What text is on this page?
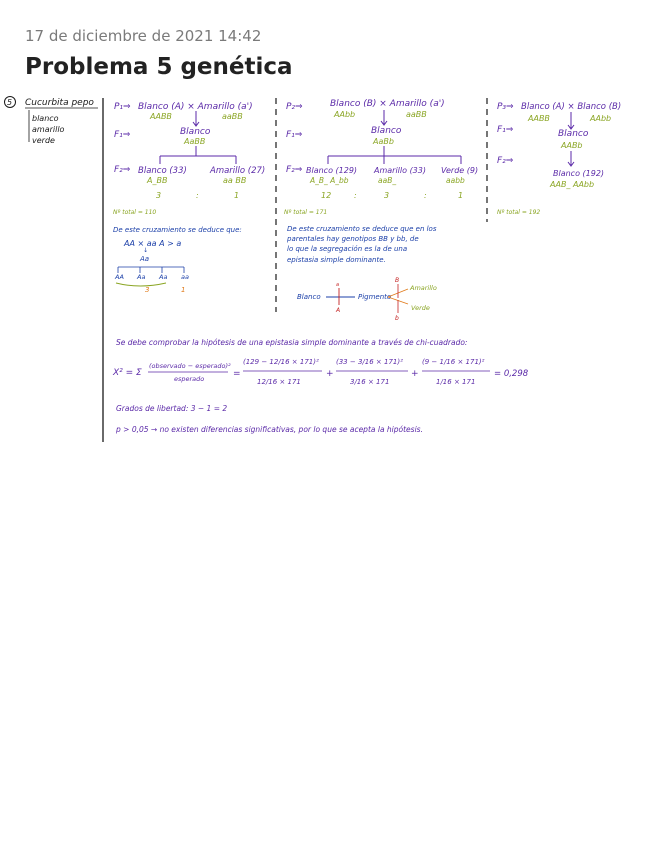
17 de diciembre de 2021 14:42
Problema 5 genética
5 Cucurbita pepo
blanco
amarillo
verde
P₁⇒ Blanco (A) × Amarillo (a')
AABB	aaBB
F₁⇒	Blanco
AaBB
F₂⇒ Blanco (33)	Amarillo (27)
A_BB	aa BB
3	:	1
Nº total = 110
P₂⇒	Blanco (B) × Amarillo (a')
AAbb	aaBB
F₁⇒	Blanco
AaBb
F₂⇒ Blanco (129) Amarillo (33) Verde (9)
A_B_ A_bb	aaB_	aabb
12	:	3	:	1
Nº total = 171
P₃⇒ Blanco (A) × Blanco (B)
AABB	AAbb
F₁⇒	Blanco
AABb
F₂⇒
Blanco (192)
AAB_ AAbb
Nº total = 192
De este cruzamiento se deduce que:
AA × aa A > a
↓
Aa
AA Aa Aa aa
3	1
De este cruzamiento se deduce que en los
parentales hay genotipos BB y bb, de
lo que la segregación es la de una
epistasia simple dominante.
Blanco
a
A
Pigmento
B
b
Amarillo
Verde
Se debe comprobar la hipótesis de una epistasia simple dominante a través de chi-cuadrado:
X² = Σ
(observado − esperado)²
esperado	=
(129 − 12/16 × 171)²
12/16 × 171
+
(33 − 3/16 × 171)²
3/16 × 171
+
(9 − 1/16 × 171)²
1/16 × 171
= 0,298
Grados de libertad: 3 − 1 = 2
p > 0,05 → no existen diferencias significativas, por lo que se acepta la hipótesis.
